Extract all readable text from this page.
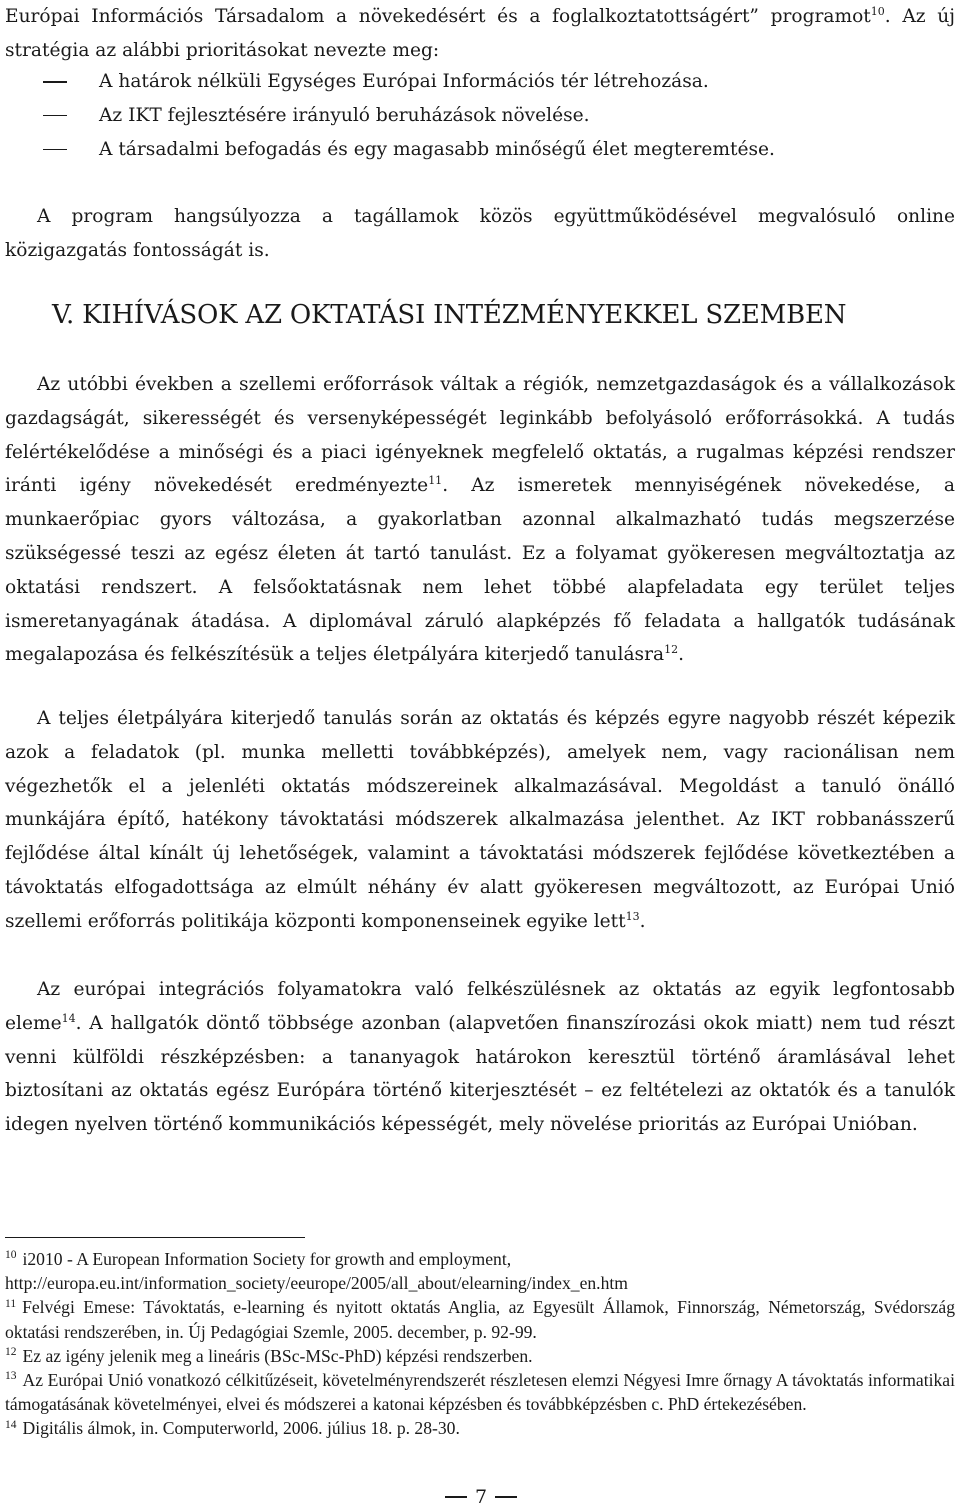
Európai Információs Társadalom a növekedésért és a foglalkoztatottságért” programot$^{10}$. Az új stratégia az alábbi prioritásokat nevezte meg:

A határok nélküli Egységes Európai Információs tér létrehozása.
Az IKT fejlesztésére irányuló beruházások növelése.
A társadalmi befogadás és egy magasabb minőségű élet megteremtése.

A program hangsúlyozza a tagállamok közös együttműködésével megvalósuló online közigazgatás fontosságát is.

V. KIHÍVÁSOK AZ OKTATÁSI INTÉZMÉNYEKKEL SZEMBEN

Az utóbbi években a szellemi erőforrások váltak a régiók, nemzetgazdaságok és a vállalkozások gazdagságát, sikerességét és versenyképességét leginkább befolyásoló erőforrásokká. A tudás felértékelődése a minőségi és a piaci igényeknek megfelelő oktatás, a rugalmas képzési rendszer iránti igény növekedését eredményezte$^{11}$. Az ismeretek mennyiségének növekedése, a munkaerőpiac gyors változása, a gyakorlatban azonnal alkalmazható tudás megszerzése szükségessé teszi az egész életen át tartó tanulást. Ez a folyamat gyökeresen megváltoztatja az oktatási rendszert. A felsőoktatásnak nem lehet többé alapfeladata egy terület teljes ismeretanyagának átadása. A diplomával záruló alapképzés fő feladata a hallgatók tudásának megalapozása és felkészítésük a teljes életpályára kiterjedő tanulásra$^{12}$.

A teljes életpályára kiterjedő tanulás során az oktatás és képzés egyre nagyobb részét képezik azok a feladatok (pl. munka melletti továbbképzés), amelyek nem, vagy racionálisan nem végezhetők el a jelenléti oktatás módszereinek alkalmazásával. Megoldást a tanuló önálló munkájára építő, hatékony távoktatási módszerek alkalmazása jelenthet. Az IKT robbanásszerű fejlődése által kínált új lehetőségek, valamint a távoktatási módszerek fejlődése következtében a távoktatás elfogadottsága az elmúlt néhány év alatt gyökeresen megváltozott, az Európai Unió szellemi erőforrás politikája központi komponenseinek egyike lett$^{13}$.

Az európai integrációs folyamatokra való felkészülésnek az oktatás az egyik legfontosabb eleme$^{14}$. A hallgatók döntő többsége azonban (alapvetően finanszírozási okok miatt) nem tud részt venni külföldi részképzésben: a tananyagok határokon keresztül történő áramlásával lehet biztosítani az oktatás egész Európára történő kiterjesztését – ez feltételezi az oktatók és a tanulók idegen nyelven történő kommunikációs képességét, mely növelése prioritás az Európai Unióban.

$^{10}$ i2010 - A European Information Society for growth and employment,
http://europa.eu.int/information_society/eeurope/2005/all_about/elearning/index_en.htm

$^{11}$ Felvégi Emese: Távoktatás, e-learning és nyitott oktatás Anglia, az Egyesült Államok, Finnország, Németország, Svédország oktatási rendszerében, in. Új Pedagógiai Szemle, 2005. december, p. 92-99.

$^{12}$ Ez az igény jelenik meg a lineáris (BSc-MSc-PhD) képzési rendszerben.

$^{13}$ Az Európai Unió vonatkozó célkitűzéseit, követelményrendszerét részletesen elemzi Négyesi Imre őrnagy A távoktatás informatikai támogatásának követelményei, elvei és módszerei a katonai képzésben és továbbképzésben c. PhD értekezésében.

$^{14}$ Digitális álmok, in. Computerworld, 2006. július 18. p. 28-30.

7
